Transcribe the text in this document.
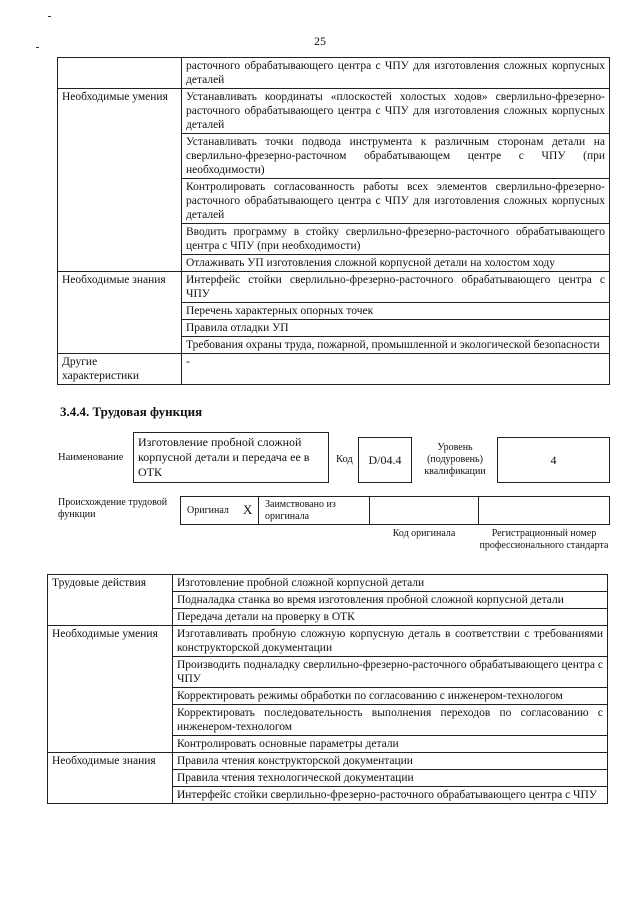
25
	расточного обрабатывающего центра с ЧПУ для изготовления сложных корпусных деталей
Необходимые умения	Устанавливать координаты «плоскостей холостых ходов» сверлильно-фрезерно-расточного обрабатывающего центра с ЧПУ для изготовления сложных корпусных деталей
	Устанавливать точки подвода инструмента к различным сторонам детали на сверлильно-фрезерно-расточном обрабатывающем центре с ЧПУ (при необходимости)
	Контролировать согласованность работы всех элементов сверлильно-фрезерно-расточного обрабатывающего центра с ЧПУ для изготовления сложных корпусных деталей
	Вводить программу в стойку сверлильно-фрезерно-расточного обрабатывающего центра с ЧПУ (при необходимости)
	Отлаживать УП изготовления сложной корпусной детали на холостом ходу
Необходимые знания	Интерфейс стойки сверлильно-фрезерно-расточного обрабатывающего центра с ЧПУ
	Перечень характерных опорных точек
	Правила отладки УП
	Требования охраны труда, пожарной, промышленной и экологической безопасности
Другие характеристики	-
3.4.4. Трудовая функция
Наименование
Изготовление пробной сложной корпусной детали и передача ее в ОТК
Код	D/04.4
Уровень (подуровень) квалификации
4
Происхождение трудовой функции	Оригинал X Заимствовано из оригинала
Код оригинала	Регистрационный номер профессионального стандарта
Трудовые действия	Изготовление пробной сложной корпусной детали
	Подналадка станка во время изготовления пробной сложной корпусной детали
	Передача детали на проверку в ОТК
Необходимые умения	Изготавливать пробную сложную корпусную деталь в соответствии с требованиями конструкторской документации
	Производить подналадку сверлильно-фрезерно-расточного обрабатывающего центра с ЧПУ
	Корректировать режимы обработки по согласованию с инженером-технологом
	Корректировать последовательность выполнения переходов по согласованию с инженером-технологом
	Контролировать основные параметры детали
Необходимые знания	Правила чтения конструкторской документации
	Правила чтения технологической документации
	Интерфейс стойки сверлильно-фрезерно-расточного обрабатывающего центра с ЧПУ
